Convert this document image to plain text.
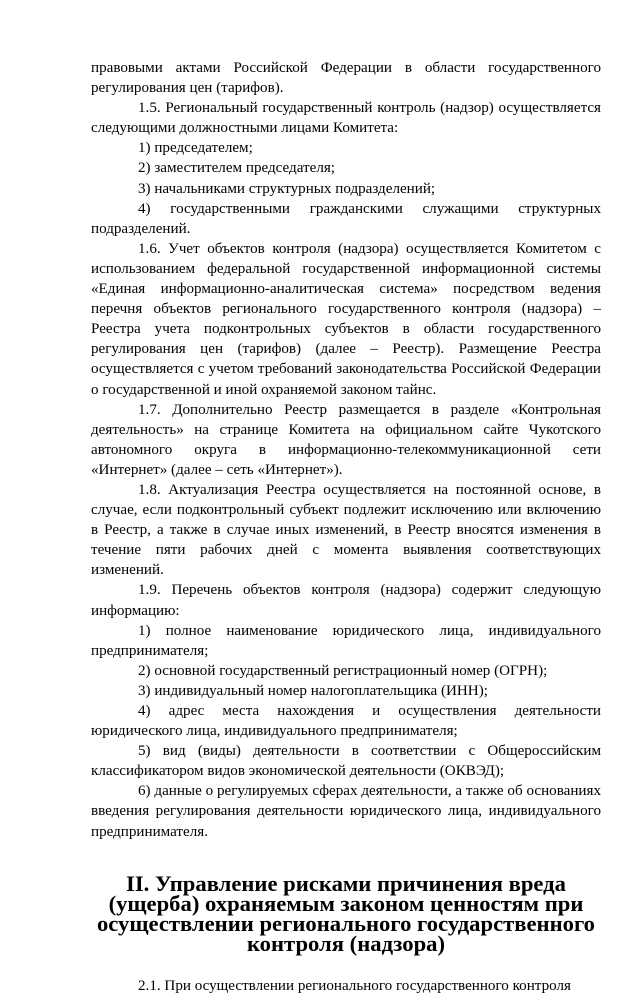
правовыми актами Российской Федерации в области государственного регулирования цен (тарифов).

1.5. Региональный государственный контроль (надзор) осуществляется следующими должностными лицами Комитета:

1) председателем;

2) заместителем председателя;

3) начальниками структурных подразделений;

4) государственными гражданскими служащими структурных подразделений.

1.6. Учет объектов контроля (надзора) осуществляется Комитетом с использованием федеральной государственной информационной системы «Единая информационно-аналитическая система» посредством ведения перечня объектов регионального государственного контроля (надзора) – Реестра учета подконтрольных субъектов в области государственного регулирования цен (тарифов) (далее – Реестр). Размещение Реестра осуществляется с учетом требований законодательства Российской Федерации о государственной и иной охраняемой законом тайнс.

1.7. Дополнительно Реестр размещается в разделе «Контрольная деятельность» на странице Комитета на официальном сайте Чукотского автономного округа в информационно-телекоммуникационной сети «Интернет» (далее – сеть «Интернет»).

1.8. Актуализация Реестра осуществляется на постоянной основе, в случае, если подконтрольный субъект подлежит исключению или включению в Реестр, а также в случае иных изменений, в Реестр вносятся изменения в течение пяти рабочих дней с момента выявления соответствующих изменений.

1.9. Перечень объектов контроля (надзора) содержит следующую информацию:

1) полное наименование юридического лица, индивидуального предпринимателя;

2) основной государственный регистрационный номер (ОГРН);

3) индивидуальный номер налогоплательщика (ИНН);

4) адрес места нахождения и осуществления деятельности юридического лица, индивидуального предпринимателя;

5) вид (виды) деятельности в соответствии с Общероссийским классификатором видов экономической деятельности (ОКВЭД);

6) данные о регулируемых сферах деятельности, а также об основаниях введения регулирования деятельности юридического лица, индивидуального предпринимателя.

II. Управление рисками причинения вреда (ущерба) охраняемым законом ценностям при осуществлении регионального государственного контроля (надзора)

2.1. При осуществлении регионального государственного контроля
